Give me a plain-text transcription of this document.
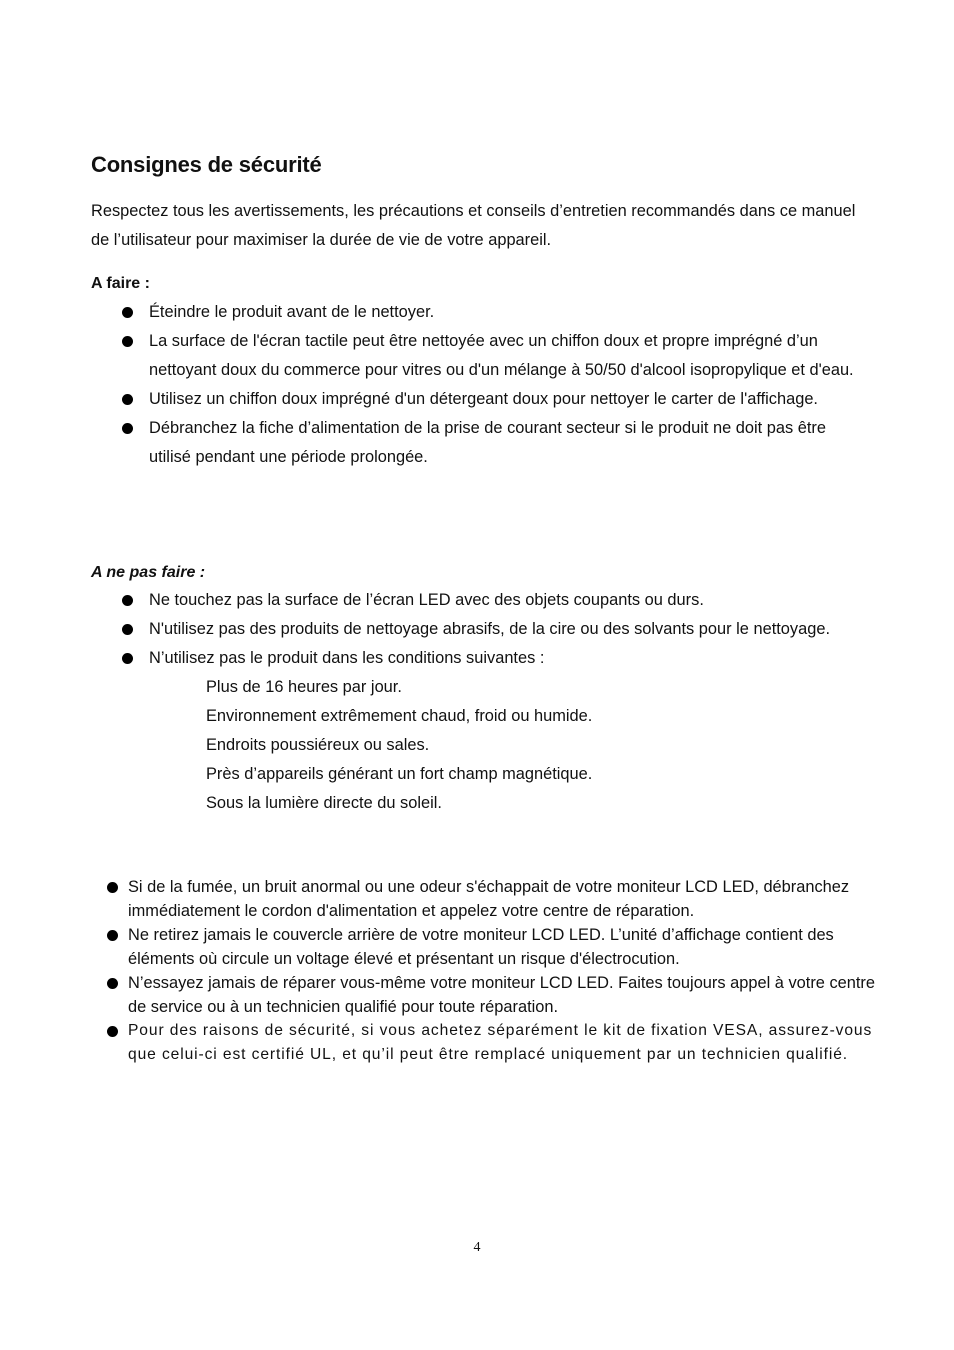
Consignes de sécurité

Respectez tous les avertissements, les précautions et conseils d’entretien recommandés dans ce manuel de l’utilisateur pour maximiser la durée de vie de votre appareil.

A faire :

Éteindre le produit avant de le nettoyer.
La surface de l'écran tactile peut être nettoyée avec un chiffon doux et propre imprégné d’un nettoyant doux du commerce pour vitres ou d'un mélange à 50/50 d'alcool isopropylique et d'eau.
Utilisez un chiffon doux imprégné d'un détergeant doux pour nettoyer le carter de l'affichage.
Débranchez la fiche d’alimentation de la prise de courant secteur si le produit ne doit pas être utilisé pendant une période prolongée.

A ne pas faire :

Ne touchez pas la surface de l’écran LED avec des objets coupants ou durs.
N'utilisez pas des produits de nettoyage abrasifs, de la cire ou des solvants pour le nettoyage.
N’utilisez pas le produit dans les conditions suivantes :
Plus de 16 heures par jour.
Environnement extrêmement chaud, froid ou humide.
Endroits poussiéreux ou sales.
Près d’appareils générant un fort champ magnétique.
Sous la lumière directe du soleil.
Si de la fumée, un bruit anormal ou une odeur s'échappait de votre moniteur LCD LED, débranchez immédiatement le cordon d'alimentation et appelez votre centre de réparation.
Ne retirez jamais le couvercle arrière de votre moniteur LCD LED. L’unité d’affichage contient des éléments où circule un voltage élevé et présentant un risque d'électrocution.
N’essayez jamais de réparer vous-même votre moniteur LCD LED. Faites toujours appel à votre centre de service ou à un technicien qualifié pour toute réparation.
Pour des raisons de sécurité, si vous achetez séparément le kit de fixation VESA, assurez-vous que celui-ci est certifié UL, et qu’il peut être remplacé uniquement par un technicien qualifié.

4
